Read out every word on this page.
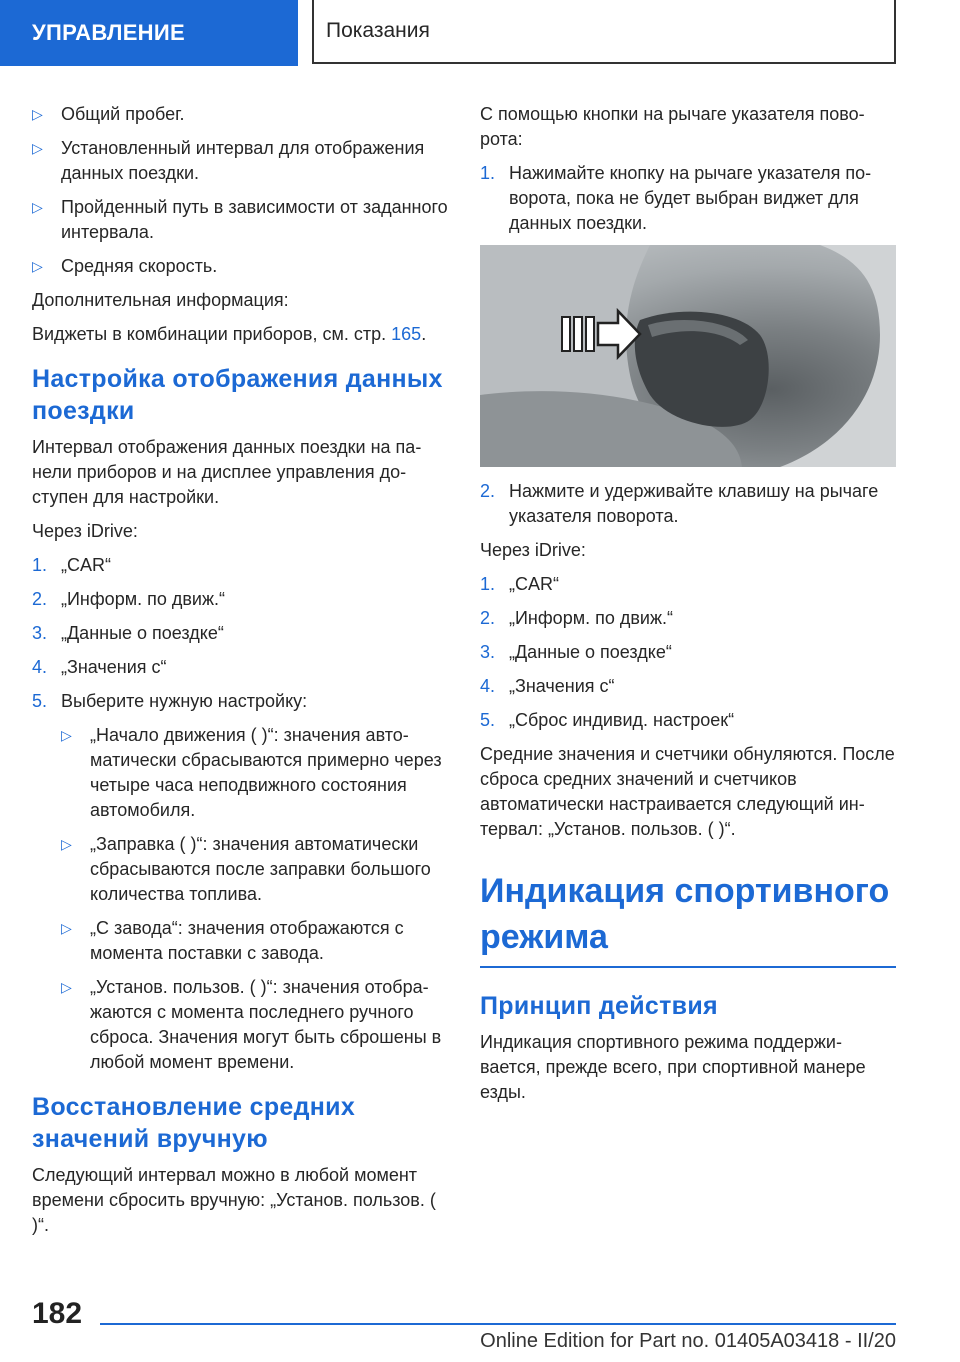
УПРАВЛЕНИЕ	Показания
▷ Общий пробег.
▷ Установленный интервал для отображения данных поездки.
▷ Пройденный путь в зависимости от заданного интервала.
▷ Средняя скорость.

Дополнительная информация:

Виджеты в комбинации приборов, см. стр. 165.

Настройка отображения данных поездки

Интервал отображения данных поездки на панели приборов и на дисплее управления доступен для настройки.

Через iDrive:

1. „CAR“
2. „Информ. по движ.“
3. „Данные о поездке“
4. „Значения с“
5. Выберите нужную настройку:
▷ „Начало движения ( )“: значения автоматически сбрасываются примерно через четыре часа неподвижного состояния автомобиля.
▷ „Заправка ( )“: значения автоматически сбрасываются после заправки большого количества топлива.
▷ „С завода“: значения отображаются с момента поставки с завода.
▷ „Установ. пользов. ( )“: значения отображаются с момента последнего ручного сброса. Значения могут быть сброшены в любой момент времени.
Восстановление средних значений вручную

Следующий интервал можно в любой момент времени сбросить вручную: „Установ. пользов. ( )“.

С помощью кнопки на рычаге указателя поворота:

1. Нажимайте кнопку на рычаге указателя поворота, пока не будет выбран виджет для данных поездки.
2. Нажмите и удерживайте клавишу на рычаге указателя поворота.

Через iDrive:

1. „CAR“
2. „Информ. по движ.“
3. „Данные о поездке“
4. „Значения с“
5. „Сброс индивид. настроек“

Средние значения и счетчики обнуляются. После сброса средних значений и счетчиков автоматически настраивается следующий интервал: „Установ. пользов. ( )“.

Индикация спортивного режима
Принцип действия

Индикация спортивного режима поддерживается, прежде всего, при спортивной манере езды.

182
Online Edition for Part no. 01405A03418 - II/20
